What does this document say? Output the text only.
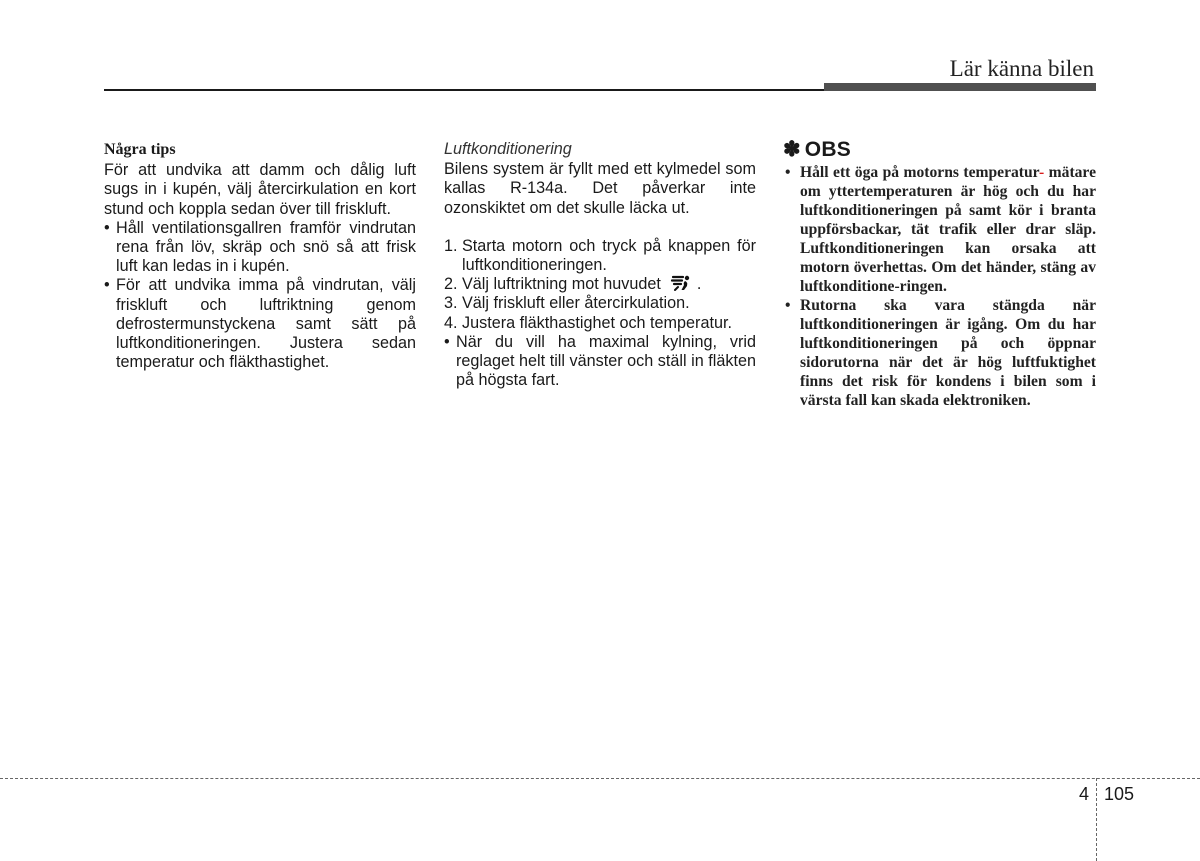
Lär känna bilen

Några tips

För att undvika att damm och dålig luft sugs in i kupén, välj återcirkulation en kort stund och koppla sedan över till friskluft.

• Håll ventilationsgallren framför vindrutan rena från löv, skräp och snö så att frisk luft kan ledas in i kupén.

• För att undvika imma på vindrutan, välj friskluft och luftriktning genom defrostermunstyckena samt sätt på luftkonditioneringen. Justera sedan temperatur och fläkthastighet.

Luftkonditionering

Bilens system är fyllt med ett kylmedel som kallas R-134a. Det påverkar inte ozonskiktet om det skulle läcka ut.

1. Starta motorn och tryck på knappen för luftkonditioneringen.

2. Välj luftriktning mot huvudet .

3. Välj friskluft eller återcirkulation.

4. Justera fläkthastighet och temperatur.

• När du vill ha maximal kylning, vrid reglaget helt till vänster och ställ in fläkten på högsta fart.

✽ OBS

• Håll ett öga på motorns temperatur- mätare om yttertemperaturen är hög och du har luftkonditioneringen på samt kör i branta uppförsbackar, tät trafik eller drar släp. Luftkonditioneringen kan orsaka att motorn överhettas. Om det händer, stäng av luftkonditione-ringen.

• Rutorna ska vara stängda när luftkonditioneringen är igång. Om du har luftkonditioneringen på och öppnar sidorutorna när det är hög luftfuktighet finns det risk för kondens i bilen som i värsta fall kan skada elektroniken.

4 105
